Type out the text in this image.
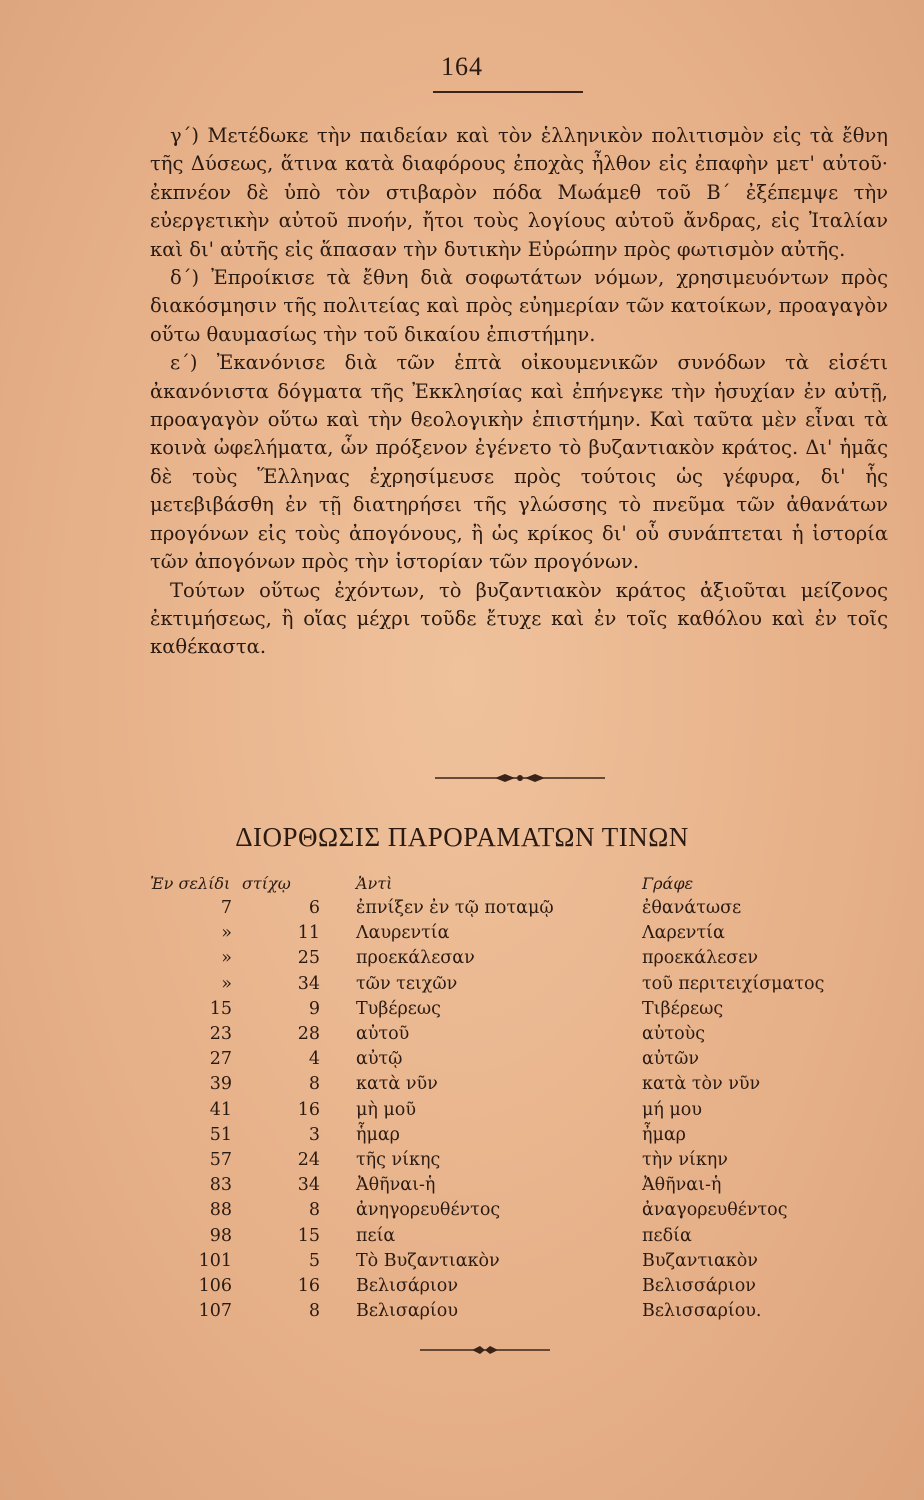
164

γ΄) Μετέδωκε τὴν παιδείαν καὶ τὸν ἑλληνικὸν πολιτισμὸν εἰς τὰ ἔθνη τῆς Δύσεως, ἅτινα κατὰ διαφόρους ἐποχὰς ἦλθον εἰς ἐπαφὴν μετ' αὐτοῦ· ἐκπνέον δὲ ὑπὸ τὸν στιβαρὸν πόδα Μωάμεθ τοῦ Β΄ ἐξέπεμψε τὴν εὐεργετικὴν αὐτοῦ πνοήν, ἤτοι τοὺς λογίους αὐτοῦ ἄνδρας, εἰς Ἰταλίαν καὶ δι' αὐτῆς εἰς ἅπασαν τὴν δυτικὴν Εὐρώπην πρὸς φωτισμὸν αὐτῆς.

δ΄) Ἐπροίκισε τὰ ἔθνη διὰ σοφωτάτων νόμων, χρησιμευόντων πρὸς διακόσμησιν τῆς πολιτείας καὶ πρὸς εὐημερίαν τῶν κατοίκων, προαγαγὸν οὕτω θαυμασίως τὴν τοῦ δικαίου ἐπιστήμην.

ε΄) Ἐκανόνισε διὰ τῶν ἑπτὰ οἰκουμενικῶν συνόδων τὰ εἰσέτι ἀκανόνιστα δόγματα τῆς Ἐκκλησίας καὶ ἐπήνεγκε τὴν ἡσυχίαν ἐν αὐτῇ, προαγαγὸν οὕτω καὶ τὴν θεολογικὴν ἐπιστήμην. Καὶ ταῦτα μὲν εἶναι τὰ κοινὰ ὠφελήματα, ὧν πρόξενον ἐγένετο τὸ βυζαντιακὸν κράτος. Δι' ἡμᾶς δὲ τοὺς Ἕλληνας ἐχρησίμευσε πρὸς τούτοις ὡς γέφυρα, δι' ἧς μετεβιβάσθη ἐν τῇ διατηρήσει τῆς γλώσσης τὸ πνεῦμα τῶν ἀθανάτων προγόνων εἰς τοὺς ἀπογόνους, ἢ ὡς κρίκος δι' οὗ συνάπτεται ἡ ἱστορία τῶν ἀπογόνων πρὸς τὴν ἱστορίαν τῶν προγόνων.

Τούτων οὕτως ἐχόντων, τὸ βυζαντιακὸν κράτος ἀξιοῦται μείζονος ἐκτιμήσεως, ἢ οἵας μέχρι τοῦδε ἔτυχε καὶ ἐν τοῖς καθόλου καὶ ἐν τοῖς καθέκαστα.

ΔΙΟΡΘΩΣΙΣ ΠΑΡΟΡΑΜΑΤΩΝ ΤΙΝΩΝ
Ἐν σελίδι	στίχῳ	Ἀντὶ	Γράφε
7	6	ἐπνίξεν ἐν τῷ ποταμῷ	ἐθανάτωσε
»	11	Λαυρεντία	Λαρεντία
»	25	προεκάλεσαν	προεκάλεσεν
»	34	τῶν τειχῶν	τοῦ περιτειχίσματος
15	9	Τυβέρεως	Τιβέρεως
23	28	αὐτοῦ	αὐτοὺς
27	4	αὐτῷ	αὐτῶν
39	8	κατὰ νῦν	κατὰ τὸν νῦν
41	16	μὴ μοῦ	μή μου
51	3	ἧμαρ	ἦμαρ
57	24	τῆς νίκης	τὴν νίκην
83	34	Ἀθῆναι-ἡ	Ἀθῆναι-ἡ
88	8	ἀνηγορευθέντος	ἀναγορευθέντος
98	15	πεία	πεδία
101	5	Τὸ Βυζαντιακὸν	Βυζαντιακὸν
106	16	Βελισάριον	Βελισσάριον
107	8	Βελισαρίου	Βελισσαρίου.
